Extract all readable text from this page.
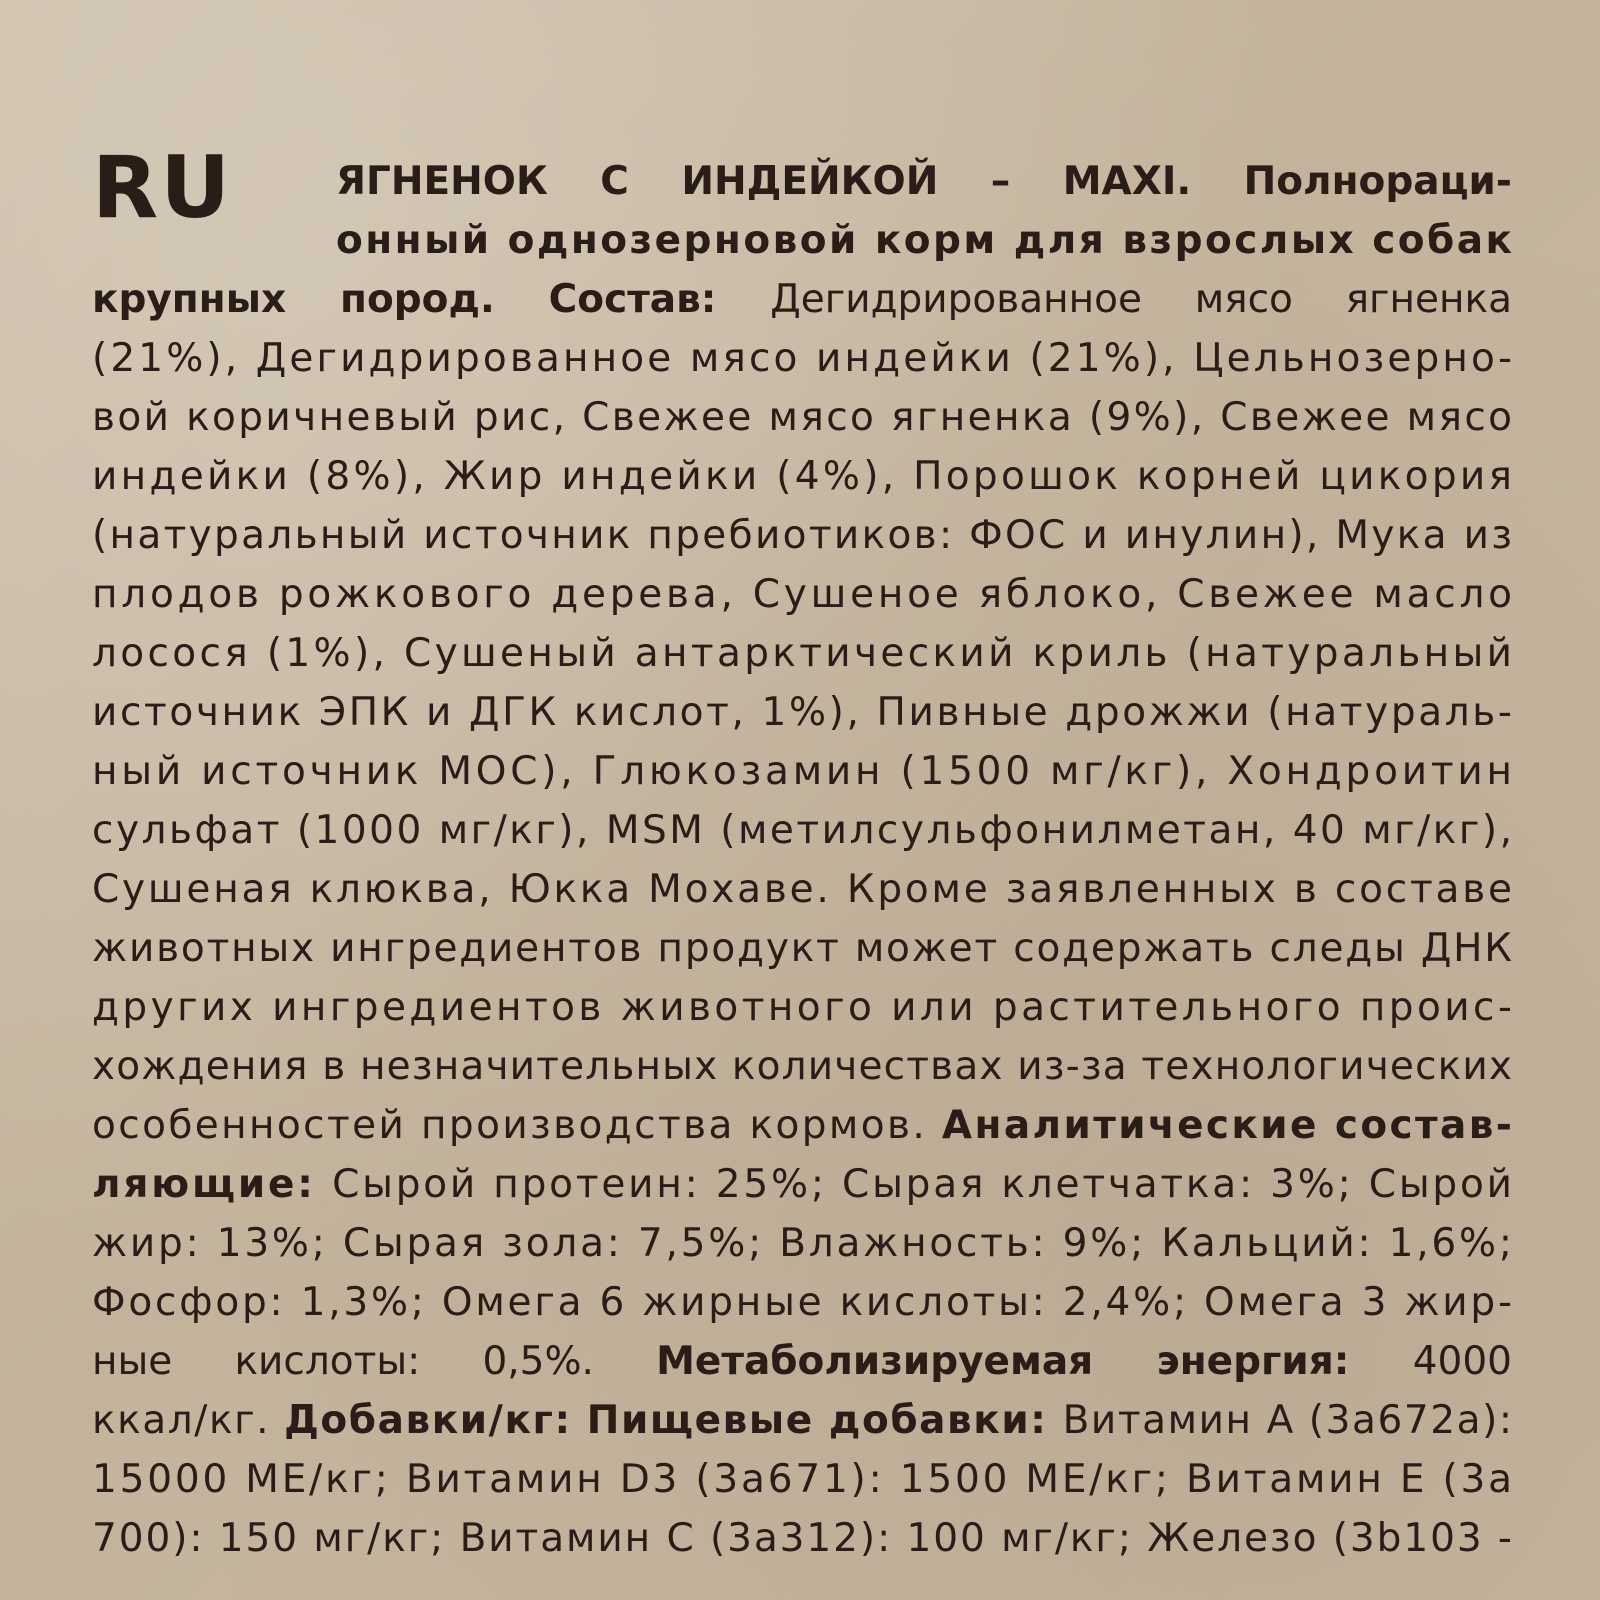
RU	ЯГНЕНОК С ИНДЕЙКОЙ – MAXI. Полнораци-
онный однозерновой корм для взрослых собак
крупных пород. Состав: Дегидрированное мясо ягненка
(21%), Дегидрированное мясо индейки (21%), Цельнозерно-
вой коричневый рис, Свежее мясо ягненка (9%), Свежее мясо
индейки (8%), Жир индейки (4%), Порошок корней цикория
(натуральный источник пребиотиков: ФОС и инулин), Мука из
плодов рожкового дерева, Сушеное яблоко, Свежее масло
лосося (1%), Сушеный антарктический криль (натуральный
источник ЭПК и ДГК кислот, 1%), Пивные дрожжи (натураль-
ный источник МОС), Глюкозамин (1500 мг/кг), Хондроитин
сульфат (1000 мг/кг), MSM (метилсульфонилметан, 40 мг/кг),
Сушеная клюква, Юкка Мохаве. Кроме заявленных в составе
животных ингредиентов продукт может содержать следы ДНК
других ингредиентов животного или растительного проис-
хождения в незначительных количествах из-за технологических
особенностей производства кормов. Аналитические состав-
ляющие: Сырой протеин: 25%; Сырая клетчатка: 3%; Сырой
жир: 13%; Сырая зола: 7,5%; Влажность: 9%; Кальций: 1,6%;
Фосфор: 1,3%; Омега 6 жирные кислоты: 2,4%; Омега 3 жир-
ные кислоты: 0,5%. Метаболизируемая энергия: 4000
ккал/кг. Добавки/кг: Пищевые добавки: Витамин А (3а672а):
15000 МЕ/кг; Витамин D3 (3а671): 1500 МЕ/кг; Витамин Е (3а
700): 150 мг/кг; Витамин С (3а312): 100 мг/кг; Железо (3b103 -
